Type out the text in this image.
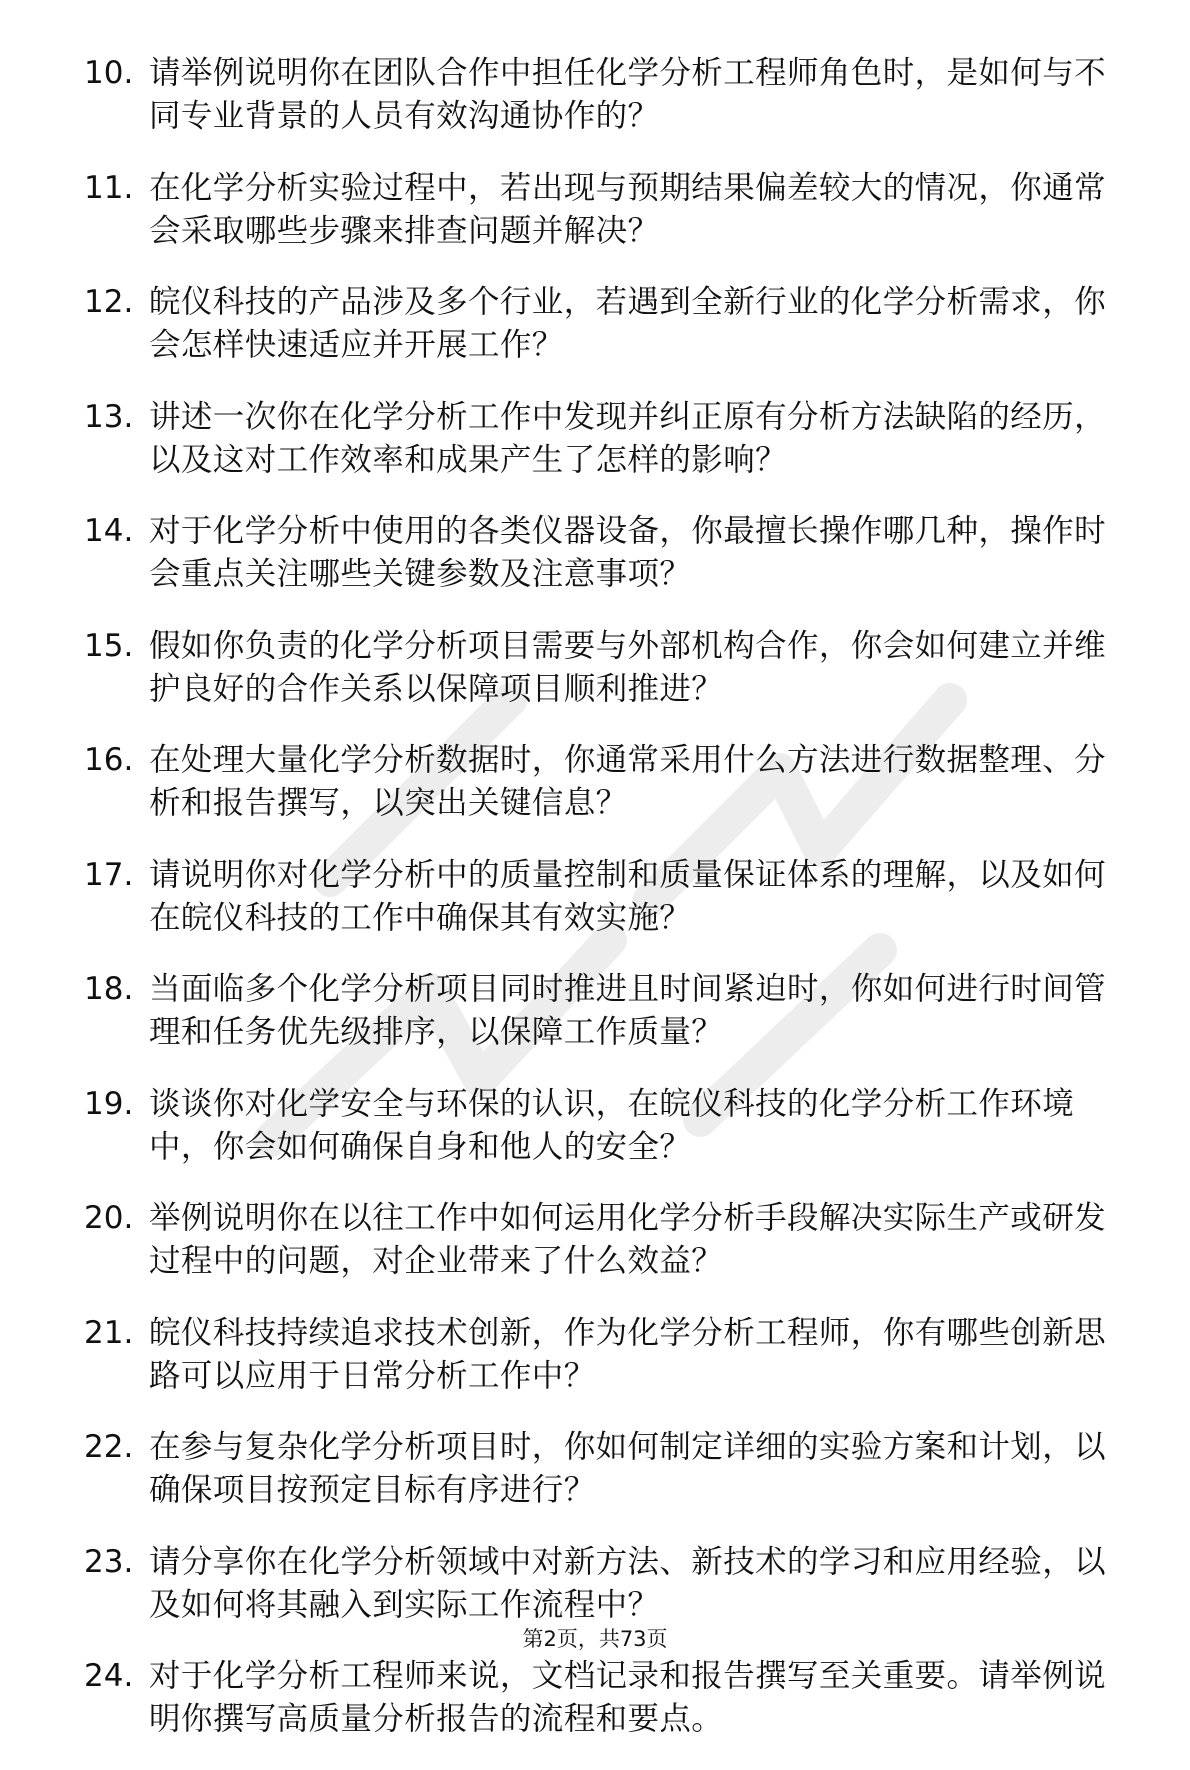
10. 请举例说明你在团队合作中担任化学分析工程师角色时，是如何与不同专业背景的人员有效沟通协作的？
11. 在化学分析实验过程中，若出现与预期结果偏差较大的情况，你通常会采取哪些步骤来排查问题并解决？
12. 皖仪科技的产品涉及多个行业，若遇到全新行业的化学分析需求，你会怎样快速适应并开展工作？
13. 讲述一次你在化学分析工作中发现并纠正原有分析方法缺陷的经历，以及这对工作效率和成果产生了怎样的影响？
14. 对于化学分析中使用的各类仪器设备，你最擅长操作哪几种，操作时会重点关注哪些关键参数及注意事项？
15. 假如你负责的化学分析项目需要与外部机构合作，你会如何建立并维护良好的合作关系以保障项目顺利推进？
16. 在处理大量化学分析数据时，你通常采用什么方法进行数据整理、分析和报告撰写，以突出关键信息？
17. 请说明你对化学分析中的质量控制和质量保证体系的理解，以及如何在皖仪科技的工作中确保其有效实施？
18. 当面临多个化学分析项目同时推进且时间紧迫时，你如何进行时间管理和任务优先级排序，以保障工作质量？
19. 谈谈你对化学安全与环保的认识，在皖仪科技的化学分析工作环境中，你会如何确保自身和他人的安全？
20. 举例说明你在以往工作中如何运用化学分析手段解决实际生产或研发过程中的问题，对企业带来了什么效益？
21. 皖仪科技持续追求技术创新，作为化学分析工程师，你有哪些创新思路可以应用于日常分析工作中？
22. 在参与复杂化学分析项目时，你如何制定详细的实验方案和计划，以确保项目按预定目标有序进行？
23. 请分享你在化学分析领域中对新方法、新技术的学习和应用经验，以及如何将其融入到实际工作流程中？
24. 对于化学分析工程师来说，文档记录和报告撰写至关重要。请举例说明你撰写高质量分析报告的流程和要点。
第2页，共73页
